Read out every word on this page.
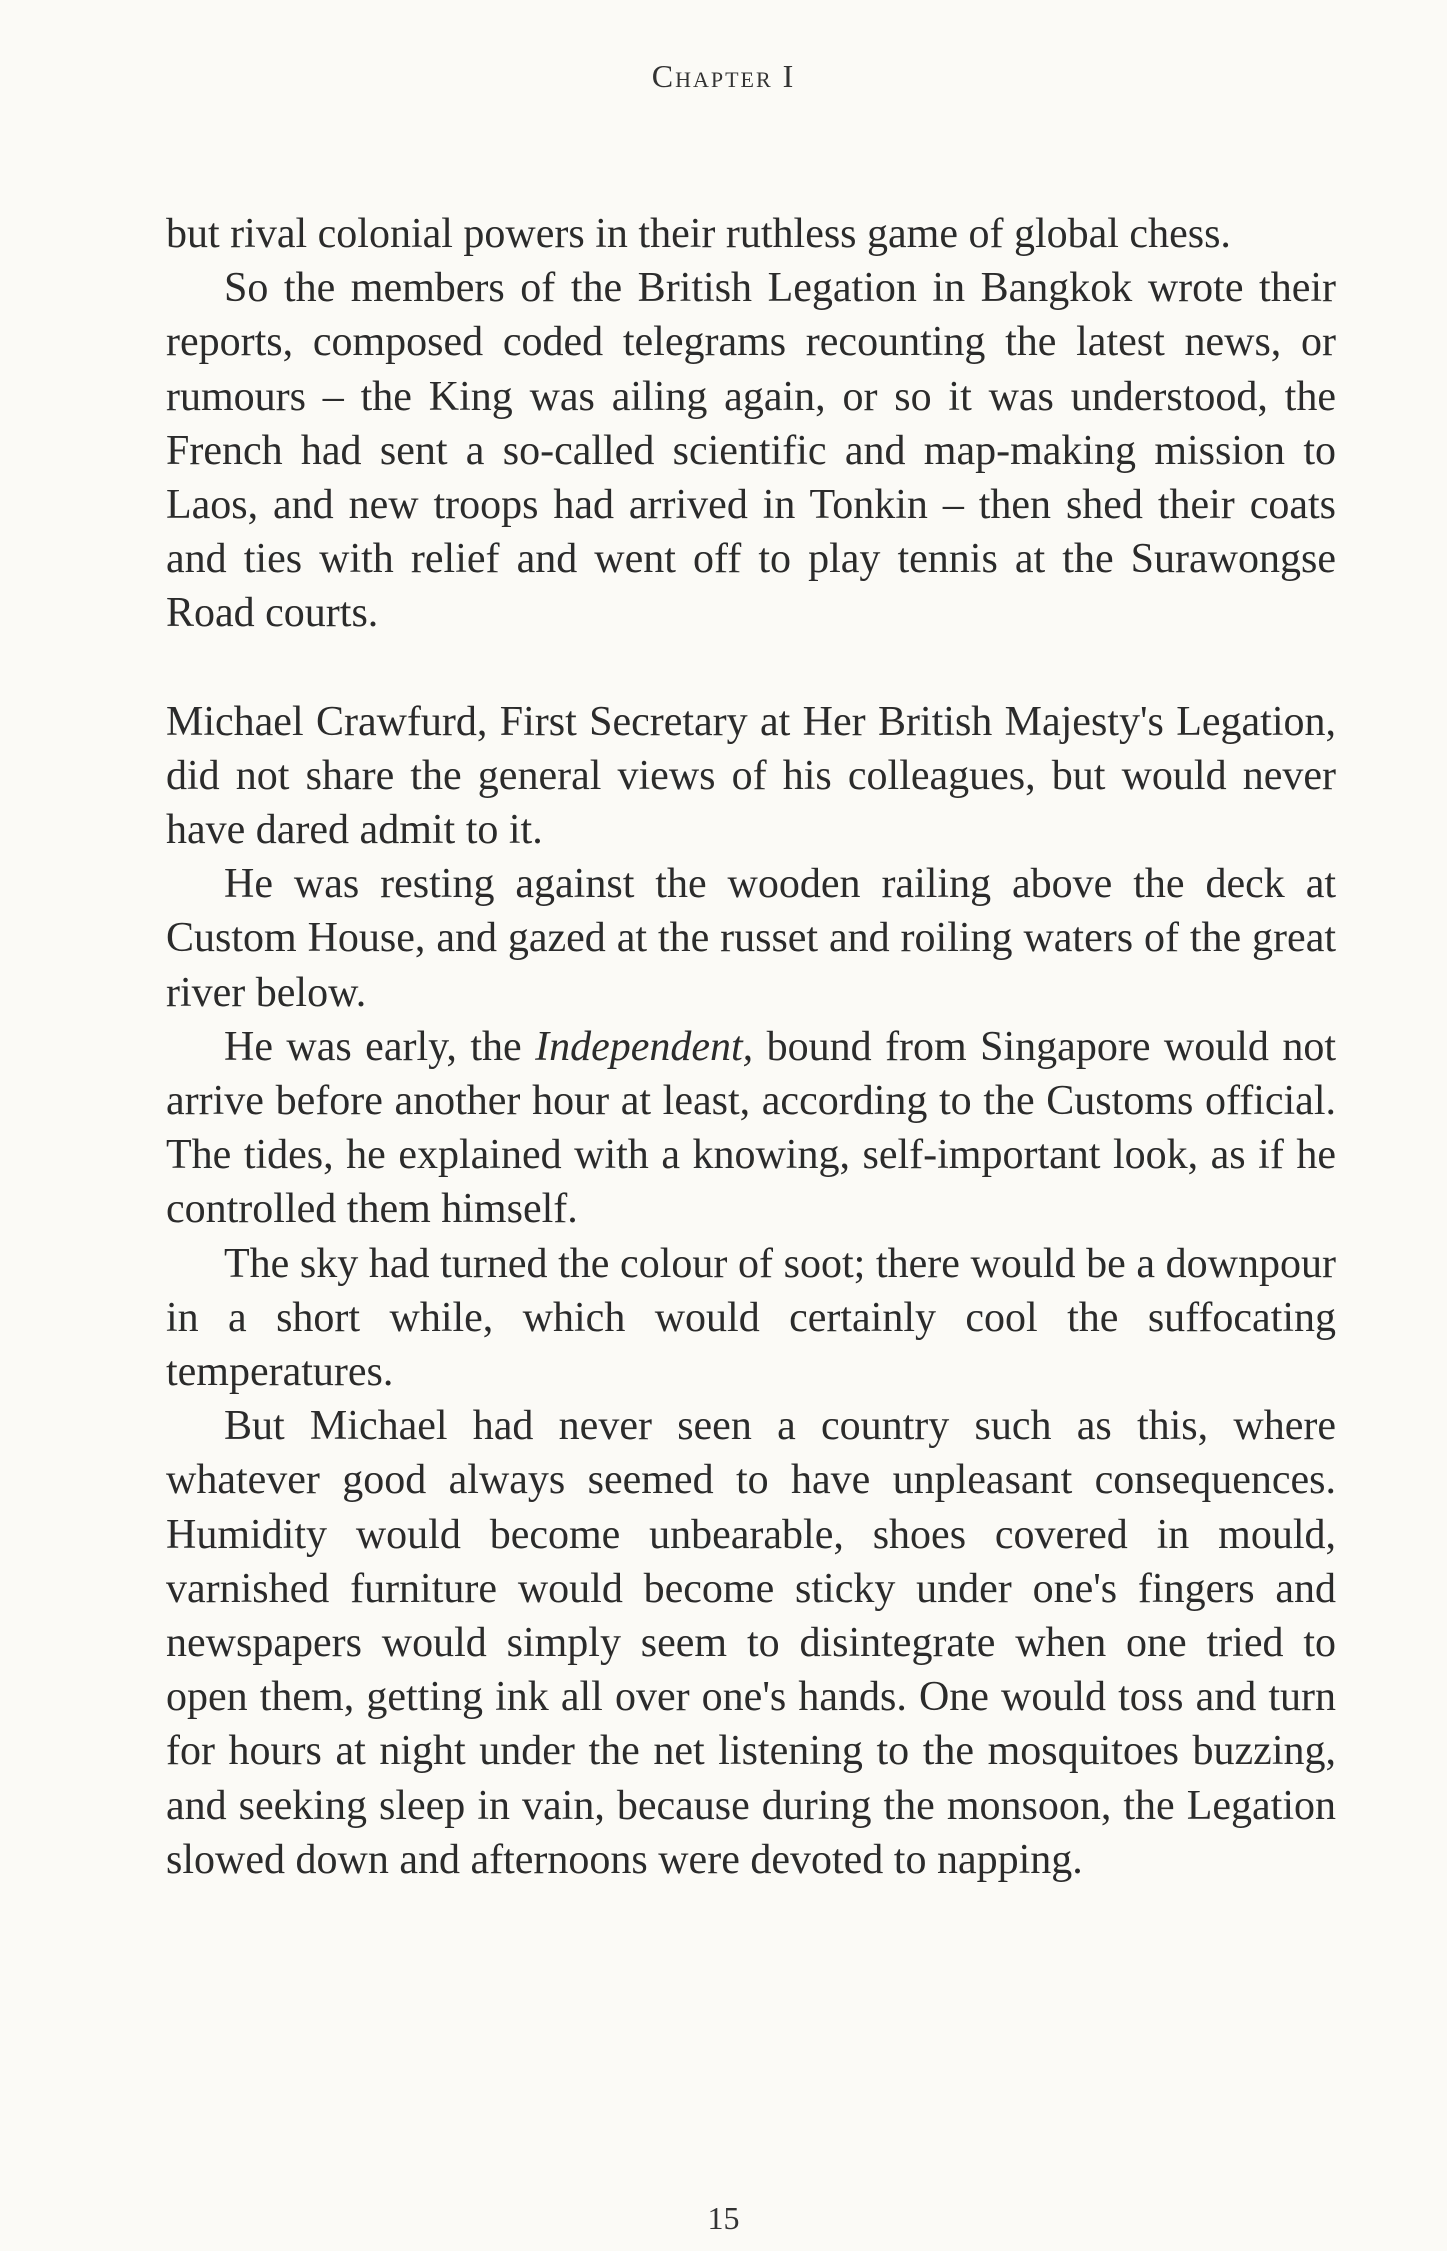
Chapter I

but rival colonial powers in their ruthless game of global chess.

So the members of the British Legation in Bangkok wrote their reports, composed coded telegrams recounting the latest news, or rumours – the King was ailing again, or so it was understood, the French had sent a so-called scientific and map-making mission to Laos, and new troops had arrived in Tonkin – then shed their coats and ties with relief and went off to play tennis at the Surawongse Road courts.

Michael Crawfurd, First Secretary at Her British Majesty's Legation, did not share the general views of his colleagues, but would never have dared admit to it.

He was resting against the wooden railing above the deck at Custom House, and gazed at the russet and roiling waters of the great river below.

He was early, the Independent, bound from Singapore would not arrive before another hour at least, according to the Customs official. The tides, he explained with a knowing, self-important look, as if he controlled them himself.

The sky had turned the colour of soot; there would be a downpour in a short while, which would certainly cool the suffocating temperatures.

But Michael had never seen a country such as this, where whatever good always seemed to have unpleasant consequences. Humidity would become unbearable, shoes covered in mould, varnished furniture would become sticky under one's fingers and newspapers would simply seem to disintegrate when one tried to open them, getting ink all over one's hands. One would toss and turn for hours at night under the net listening to the mosquitoes buzzing, and seeking sleep in vain, because during the monsoon, the Legation slowed down and afternoons were devoted to napping.

15
